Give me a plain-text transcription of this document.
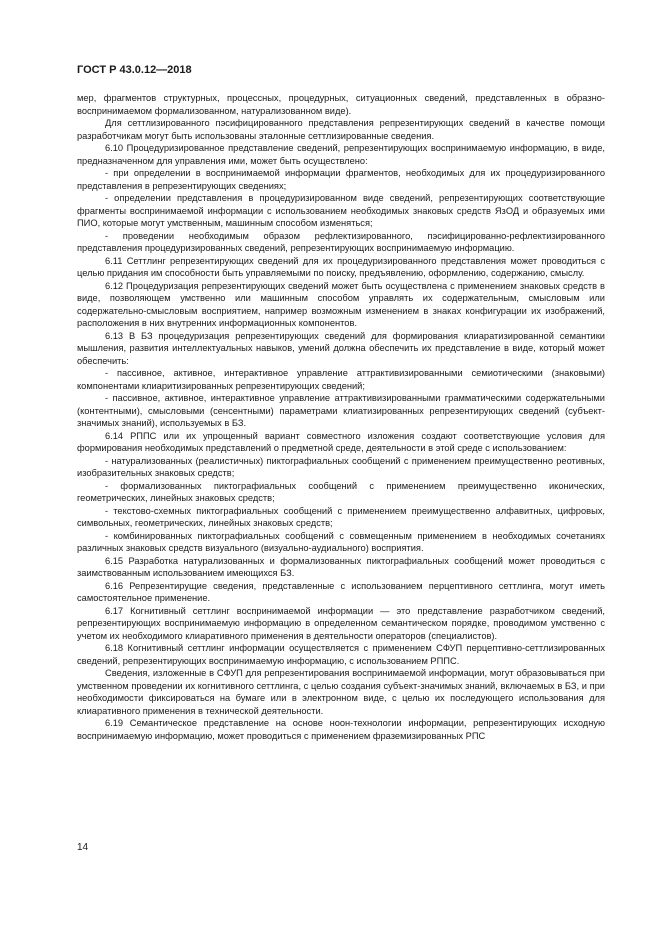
ГОСТ Р 43.0.12—2018

мер, фрагментов структурных, процессных, процедурных, ситуационных сведений, представленных в образно-воспринимаемом формализованном, натурализованном виде).

Для сеттлизированного пэсифицированного представления репрезентирующих сведений в качестве помощи разработчикам могут быть использованы эталонные сеттлизированные сведения.

6.10 Процедуризированное представление сведений, репрезентирующих воспринимаемую информацию, в виде, предназначенном для управления ими, может быть осуществлено:

- при определении в воспринимаемой информации фрагментов, необходимых для их процедуризированного представления в репрезентирующих сведениях;

- определении представления в процедуризированном виде сведений, репрезентирующих соответствующие фрагменты воспринимаемой информации с использованием необходимых знаковых средств ЯзОД и образуемых ими ПИО, которые могут умственным, машинным способом изменяться;

- проведении необходимым образом рефлектизированного, пэсифицированно-рефлектизированного представления процедуризированных сведений, репрезентирующих воспринимаемую информацию.

6.11 Сеттлинг репрезентирующих сведений для их процедуризированного представления может проводиться с целью придания им способности быть управляемыми по поиску, предъявлению, оформлению, содержанию, смыслу.

6.12 Процедуризация репрезентирующих сведений может быть осуществлена с применением знаковых средств в виде, позволяющем умственно или машинным способом управлять их содержательным, смысловым или содержательно-смысловым восприятием, например возможным изменением в знаках конфигурации их изображений, расположения в них внутренних информационных компонентов.

6.13 В БЗ процедуризация репрезентирующих сведений для формирования клиаратизированной семантики мышления, развития интеллектуальных навыков, умений должна обеспечить их представление в виде, который может обеспечить:

- пассивное, активное, интерактивное управление аттрактивизированными семиотическими (знаковыми) компонентами клиаритизированных репрезентирующих сведений;

- пассивное, активное, интерактивное управление аттрактивизированными грамматическими содержательными (контентными), смысловыми (сенсентными) параметрами клиатизированных репрезентирующих сведений (субъект-значимых знаний), используемых в БЗ.

6.14 РППС или их упрощенный вариант совместного изложения создают соответствующие условия для формирования необходимых представлений о предметной среде, деятельности в этой среде с использованием:

- натурализованных (реалистичных) пиктографиальных сообщений с применением преимущественно реотивных, изобразительных знаковых средств;

- формализованных пиктографиальных сообщений с применением преимущественно иконических, геометрических, линейных знаковых средств;

- текстово-схемных пиктографиальных сообщений с применением преимущественно алфавитных, цифровых, символьных, геометрических, линейных знаковых средств;

- комбинированных пиктографиальных сообщений с совмещенным применением в необходимых сочетаниях различных знаковых средств визуального (визуально-аудиального) восприятия.

6.15 Разработка натурализованных и формализованных пиктографиальных сообщений может проводиться с заимствованным использованием имеющихся БЗ.

6.16 Репрезентирущие сведения, представленные с использованием перцептивного сеттлинга, могут иметь самостоятельное применение.

6.17 Когнитивный сеттлинг воспринимаемой информации — это представление разработчиком сведений, репрезентирующих воспринимаемую информацию в определенном семантическом порядке, проводимом умственно с учетом их необходимого клиаративного применения в деятельности операторов (специалистов).

6.18 Когнитивный сеттлинг информации осуществляется с применением СФУП перцептивно-сеттлизированных сведений, репрезентирующих воспринимаемую информацию, с использованием РППС.

Сведения, изложенные в СФУП для репрезентирования воспринимаемой информации, могут образовываться при умственном проведении их когнитивного сеттлинга, с целью создания субъект-значимых знаний, включаемых в БЗ, и при необходимости фиксироваться на бумаге или в электронном виде, с целью их последующего использования для клиаративного применения в технической деятельности.

6.19 Семантическое представление на основе ноон-технологии информации, репрезентирующих исходную воспринимаемую информацию, может проводиться с применением фраземизированных РПС

14
